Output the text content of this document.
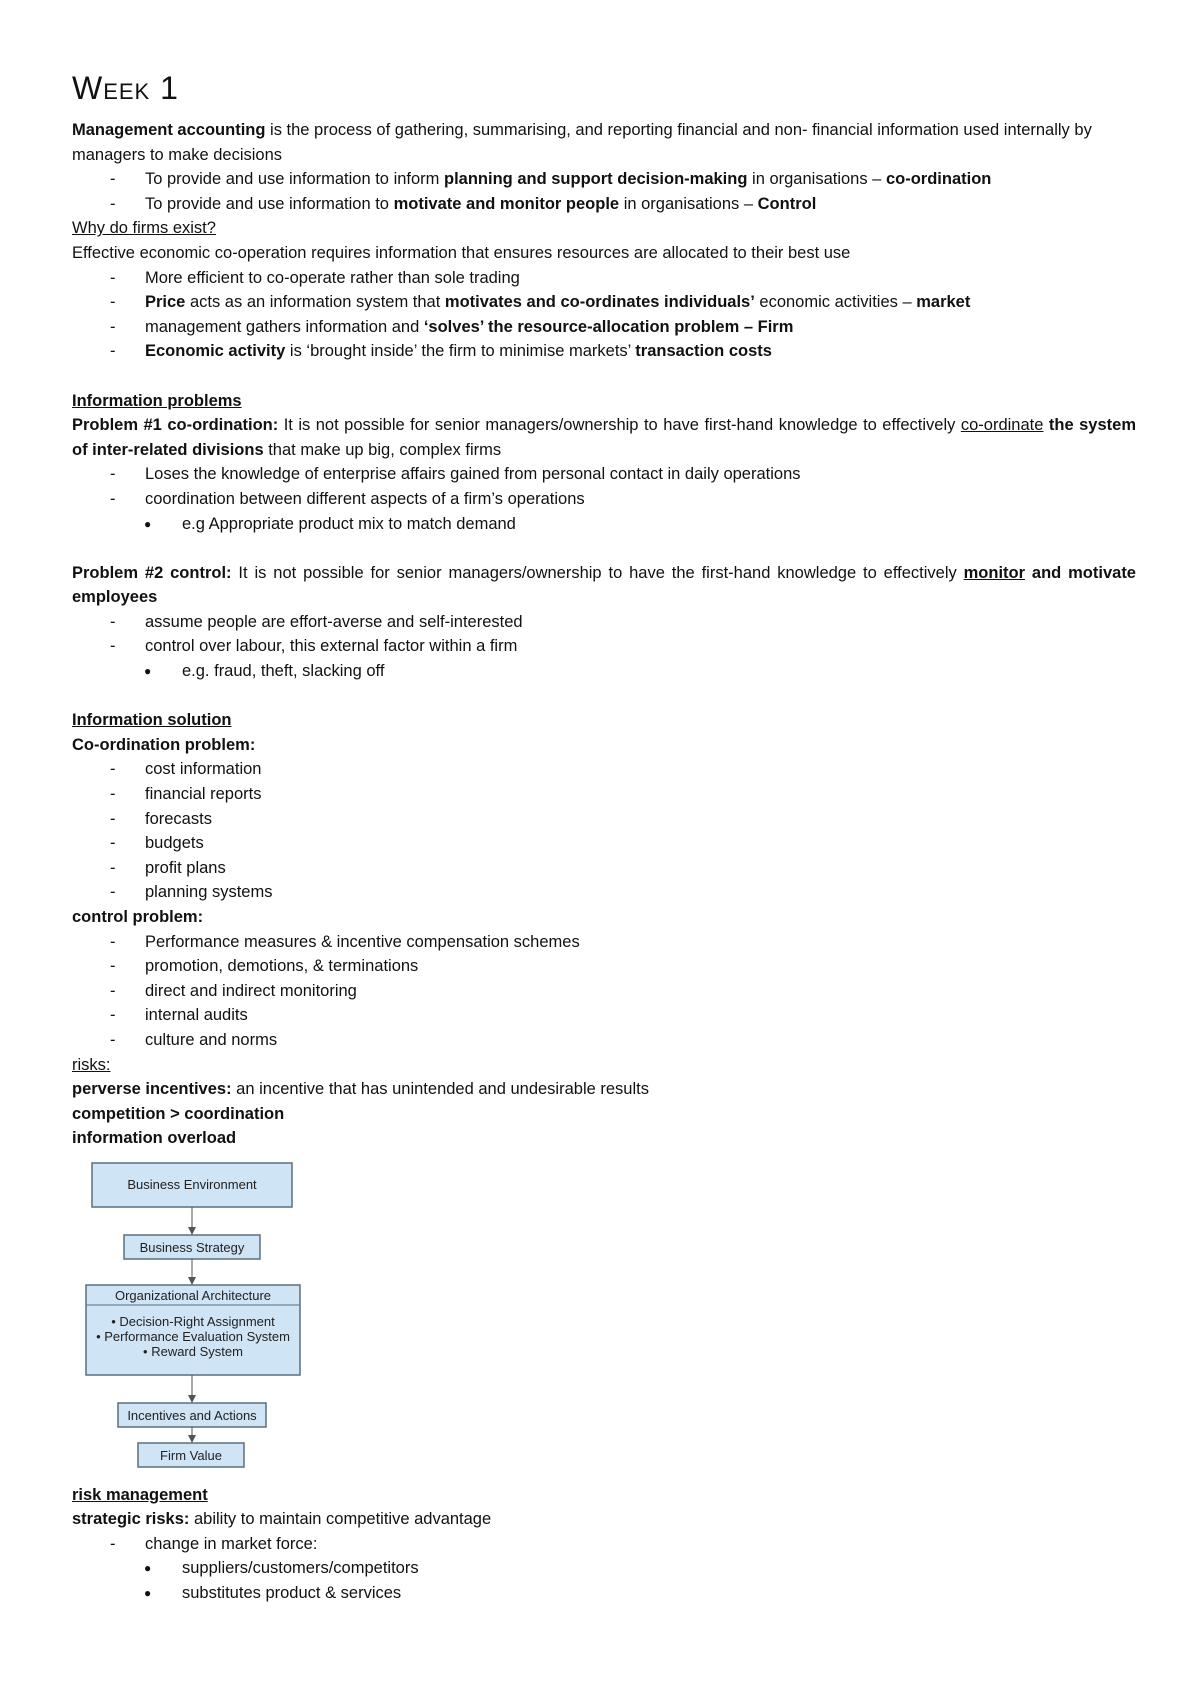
Week 1

Management accounting is the process of gathering, summarising, and reporting financial and non- financial information used internally by managers to make decisions

- To provide and use information to inform planning and support decision-making in organisations – co-ordination
- To provide and use information to motivate and monitor people in organisations – Control

Why do firms exist?

Effective economic co-operation requires information that ensures resources are allocated to their best use

- More efficient to co-operate rather than sole trading
- Price acts as an information system that motivates and co-ordinates individuals’ economic activities – market
- management gathers information and ‘solves’ the resource-allocation problem – Firm
- Economic activity is ‘brought inside’ the firm to minimise markets’ transaction costs

Information problems

Problem #1 co-ordination: It is not possible for senior managers/ownership to have first-hand knowledge to effectively co-ordinate the system of inter-related divisions that make up big, complex firms

- Loses the knowledge of enterprise affairs gained from personal contact in daily operations
- coordination between different aspects of a firm’s operations
● e.g Appropriate product mix to match demand

Problem #2 control: It is not possible for senior managers/ownership to have the first-hand knowledge to effectively monitor and motivate employees

- assume people are effort-averse and self-interested
- control over labour, this external factor within a firm
● e.g. fraud, theft, slacking off

Information solution

Co-ordination problem:

- cost information
- financial reports
- forecasts
- budgets
- profit plans
- planning systems

control problem:

- Performance measures & incentive compensation schemes
- promotion, demotions, & terminations
- direct and indirect monitoring
- internal audits
- culture and norms

risks:

perverse incentives: an incentive that has unintended and undesirable results

competition > coordination

information overload

Business Environment
Business Strategy
Organizational Architecture
• Decision-Right Assignment
• Performance Evaluation System
• Reward System
Incentives and Actions
Firm Value

risk management

strategic risks: ability to maintain competitive advantage

- change in market force:
● suppliers/customers/competitors
● substitutes product & services
